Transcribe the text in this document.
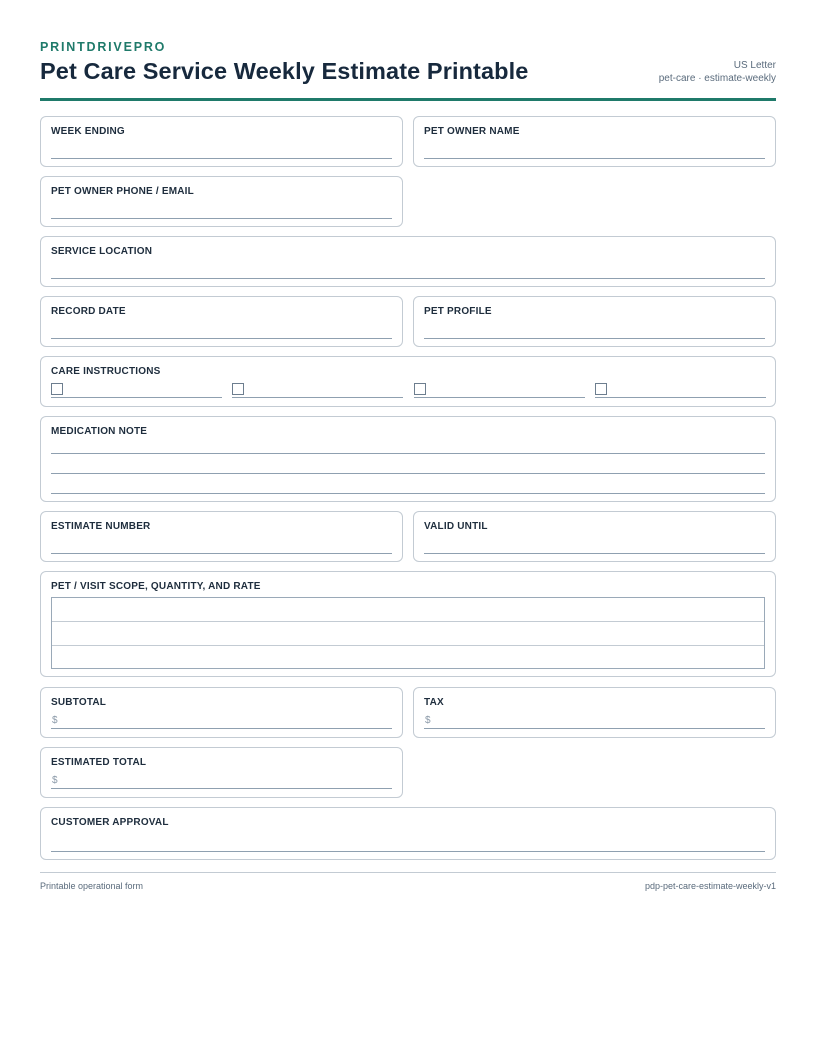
PRINTDRIVEPRO
Pet Care Service Weekly Estimate Printable	US Letter
pet-care · estimate-weekly
WEEK ENDING	PET OWNER NAME
PET OWNER PHONE / EMAIL
SERVICE LOCATION
RECORD DATE	PET PROFILE
CARE INSTRUCTIONS
MEDICATION NOTE
ESTIMATE NUMBER	VALID UNTIL
PET / VISIT SCOPE, QUANTITY, AND RATE
SUBTOTAL
$
TAX
$
ESTIMATED TOTAL
$
CUSTOMER APPROVAL
Printable operational form	pdp-pet-care-estimate-weekly-v1
